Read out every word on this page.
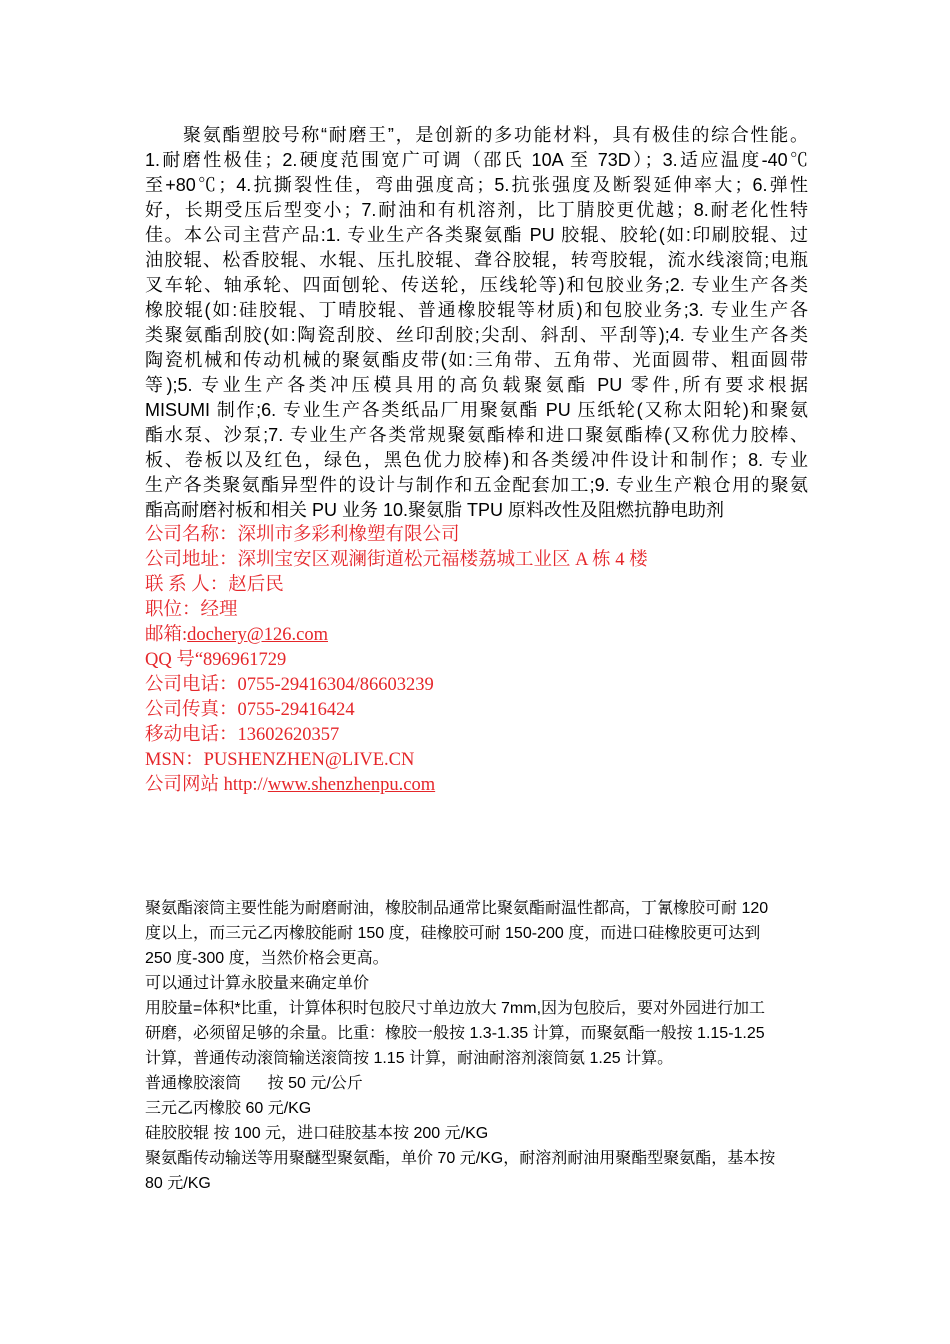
聚氨酯塑胶号称“耐磨王”，是创新的多功能材料，具有极佳的综合性能。
1.耐磨性极佳；2.硬度范围宽广可调（邵氏 10A 至 73D）；3.适应温度-40℃
至+80℃；4.抗撕裂性佳，弯曲强度高；5.抗张强度及断裂延伸率大；6.弹性
好，长期受压后型变小；7.耐油和有机溶剂，比丁腈胶更优越；8.耐老化性特
佳。本公司主营产品:1. 专业生产各类聚氨酯 PU 胶辊、胶轮(如:印刷胶辊、过
油胶辊、松香胶辊、水辊、压扎胶辊、聋谷胶辊，转弯胶辊，流水线滚筒;电瓶
叉车轮、轴承轮、四面刨轮、传送轮，压线轮等)和包胶业务;2. 专业生产各类
橡胶辊(如:硅胶辊、丁晴胶辊、普通橡胶辊等材质)和包胶业务;3. 专业生产各
类聚氨酯刮胶(如:陶瓷刮胶、丝印刮胶;尖刮、斜刮、平刮等);4. 专业生产各类
陶瓷机械和传动机械的聚氨酯皮带(如:三角带、五角带、光面圆带、粗面圆带
等);5. 专业生产各类冲压模具用的高负载聚氨酯 PU 零件,所有要求根据
MISUMI 制作;6. 专业生产各类纸品厂用聚氨酯 PU 压纸轮(又称太阳轮)和聚氨
酯水泵、沙泵;7. 专业生产各类常规聚氨酯棒和进口聚氨酯棒(又称优力胶棒、
板、卷板以及红色，绿色，黑色优力胶棒)和各类缓冲件设计和制作；8. 专业
生产各类聚氨酯异型件的设计与制作和五金配套加工;9. 专业生产粮仓用的聚氨
酯高耐磨衬板和相关 PU 业务 10.聚氨脂 TPU 原料改性及阻燃抗静电助剂
公司名称：深圳市多彩利橡塑有限公司
公司地址：深圳宝安区观澜街道松元福楼荔城工业区 A 栋 4 楼
联 系 人：赵后民
职位：经理
邮箱:dochery@126.com
QQ 号“896961729
公司电话：0755-29416304/86603239
公司传真：0755-29416424
移动电话：13602620357
MSN：PUSHENZHEN@LIVE.CN
公司网站 http://www.shenzhenpu.com
聚氨酯滚筒主要性能为耐磨耐油，橡胶制品通常比聚氨酯耐温性都高，丁氰橡胶可耐 120
度以上，而三元乙丙橡胶能耐 150 度，硅橡胶可耐 150-200 度，而进口硅橡胶更可达到
250 度-300 度，当然价格会更高。
可以通过计算永胶量来确定单价
用胶量=体积*比重，计算体积时包胶尺寸单边放大 7mm,因为包胶后，要对外园进行加工
研磨，必须留足够的余量。比重：橡胶一般按 1.3-1.35 计算，而聚氨酯一般按 1.15-1.25
计算，普通传动滚筒输送滚筒按 1.15 计算，耐油耐溶剂滚筒氨 1.25 计算。
普通橡胶滚筒      按 50 元/公斤
三元乙丙橡胶 60 元/KG
硅胶胶辊 按 100 元，进口硅胶基本按 200 元/KG
聚氨酯传动输送等用聚醚型聚氨酯，单价 70 元/KG，耐溶剂耐油用聚酯型聚氨酯，基本按
80 元/KG
